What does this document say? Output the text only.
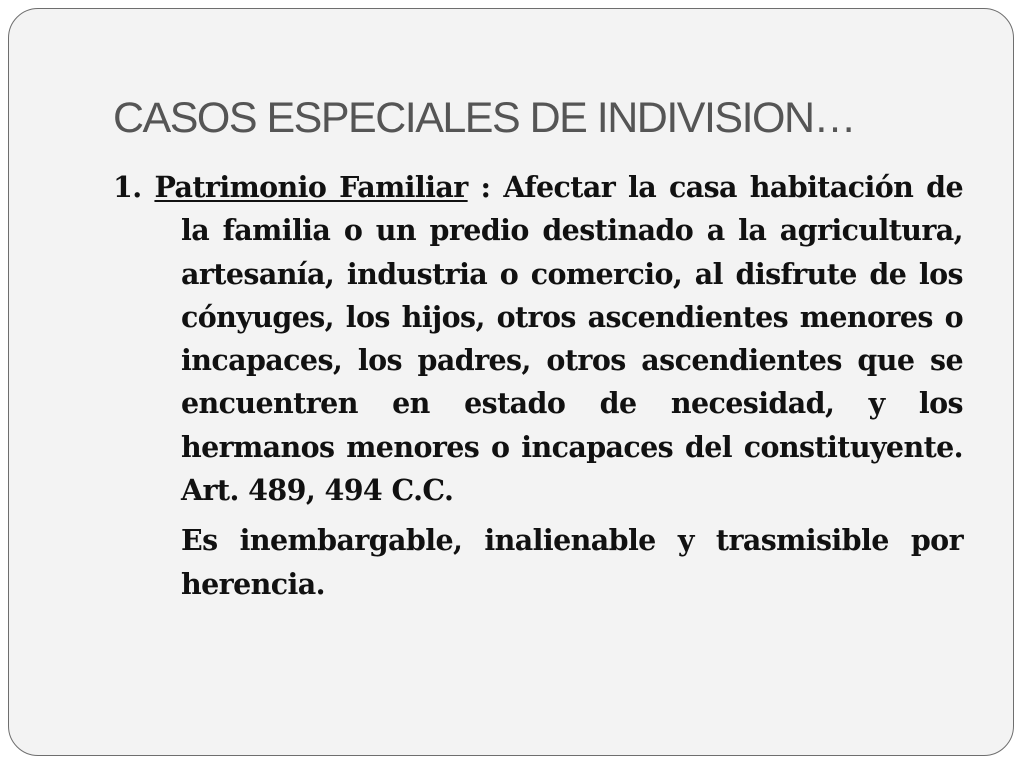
CASOS ESPECIALES DE INDIVISION…

1. Patrimonio Familiar : Afectar la casa habitación de la familia o un predio destinado a la agricultura, artesanía, industria o comercio, al disfrute de los cónyuges, los hijos, otros ascendientes menores o incapaces, los padres, otros ascendientes que se encuentren en estado de necesidad, y los hermanos menores o incapaces del constituyente. Art. 489, 494 C.C.

Es inembargable, inalienable y trasmisible por herencia.
